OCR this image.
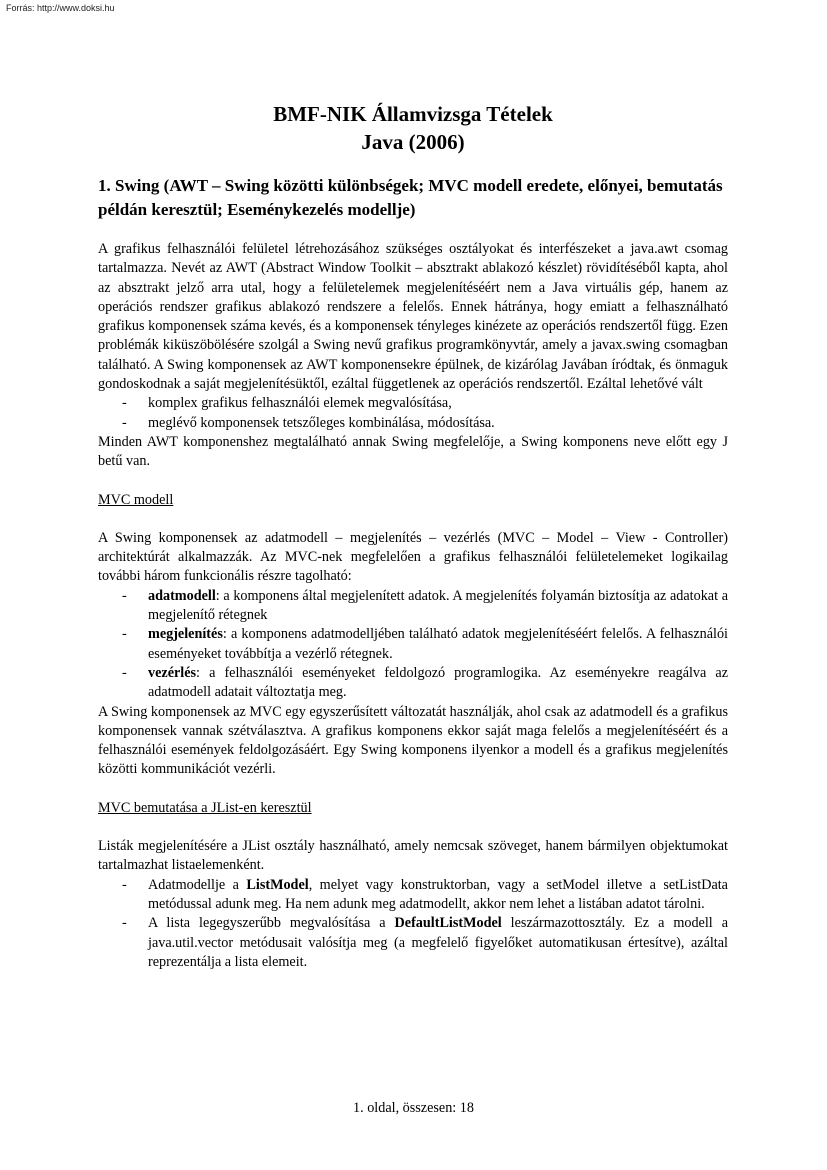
Forrás: http://www.doksi.hu
BMF-NIK Államvizsga Tételek
Java (2006)
1. Swing (AWT – Swing közötti különbségek; MVC modell eredete, előnyei, bemutatás példán keresztül; Eseménykezelés modellje)

A grafikus felhasználói felületel létrehozásához szükséges osztályokat és interfészeket a java.awt csomag tartalmazza. Nevét az AWT (Abstract Window Toolkit – absztrakt ablakozó készlet) rövidítéséből kapta, ahol az absztrakt jelző arra utal, hogy a felületelemek megjelenítéséért nem a Java virtuális gép, hanem az operációs rendszer grafikus ablakozó rendszere a felelős. Ennek hátránya, hogy emiatt a felhasználható grafikus komponensek száma kevés, és a komponensek tényleges kinézete az operációs rendszertől függ. Ezen problémák kiküszöbölésére szolgál a Swing nevű grafikus programkönyvtár, amely a javax.swing csomagban található. A Swing komponensek az AWT komponensekre épülnek, de kizárólag Javában íródtak, és önmaguk gondoskodnak a saját megjelenítésüktől, ezáltal függetlenek az operációs rendszertől. Ezáltal lehetővé vált

- komplex grafikus felhasználói elemek megvalósítása,
- meglévő komponensek tetszőleges kombinálása, módosítása.

Minden AWT komponenshez megtalálható annak Swing megfelelője, a Swing komponens neve előtt egy J betű van.

MVC modell

A Swing komponensek az adatmodell – megjelenítés – vezérlés (MVC – Model – View - Controller) architektúrát alkalmazzák. Az MVC-nek megfelelően a grafikus felhasználói felületelemeket logikailag további három funkcionális részre tagolható:

- adatmodell: a komponens által megjelenített adatok. A megjelenítés folyamán biztosítja az adatokat a megjelenítő rétegnek
- megjelenítés: a komponens adatmodelljében található adatok megjelenítéséért felelős. A felhasználói eseményeket továbbítja a vezérlő rétegnek.
- vezérlés: a felhasználói eseményeket feldolgozó programlogika. Az eseményekre reagálva az adatmodell adatait változtatja meg.

A Swing komponensek az MVC egy egyszerűsített változatát használják, ahol csak az adatmodell és a grafikus komponensek vannak szétválasztva. A grafikus komponens ekkor saját maga felelős a megjelenítéséért és a felhasználói események feldolgozásáért. Egy Swing komponens ilyenkor a modell és a grafikus megjelenítés közötti kommunikációt vezérli.

MVC bemutatása a JList-en keresztül

Listák megjelenítésére a JList osztály használható, amely nemcsak szöveget, hanem bármilyen objektumokat tartalmazhat listaelemenként.

- Adatmodellje a ListModel, melyet vagy konstruktorban, vagy a setModel illetve a setListData metódussal adunk meg. Ha nem adunk meg adatmodellt, akkor nem lehet a listában adatot tárolni.
- A lista legegyszerűbb megvalósítása a DefaultListModel leszármazottosztály. Ez a modell a java.util.vector metódusait valósítja meg (a megfelelő figyelőket automatikusan értesítve), azáltal reprezentálja a lista elemeit.
1. oldal, összesen: 18
